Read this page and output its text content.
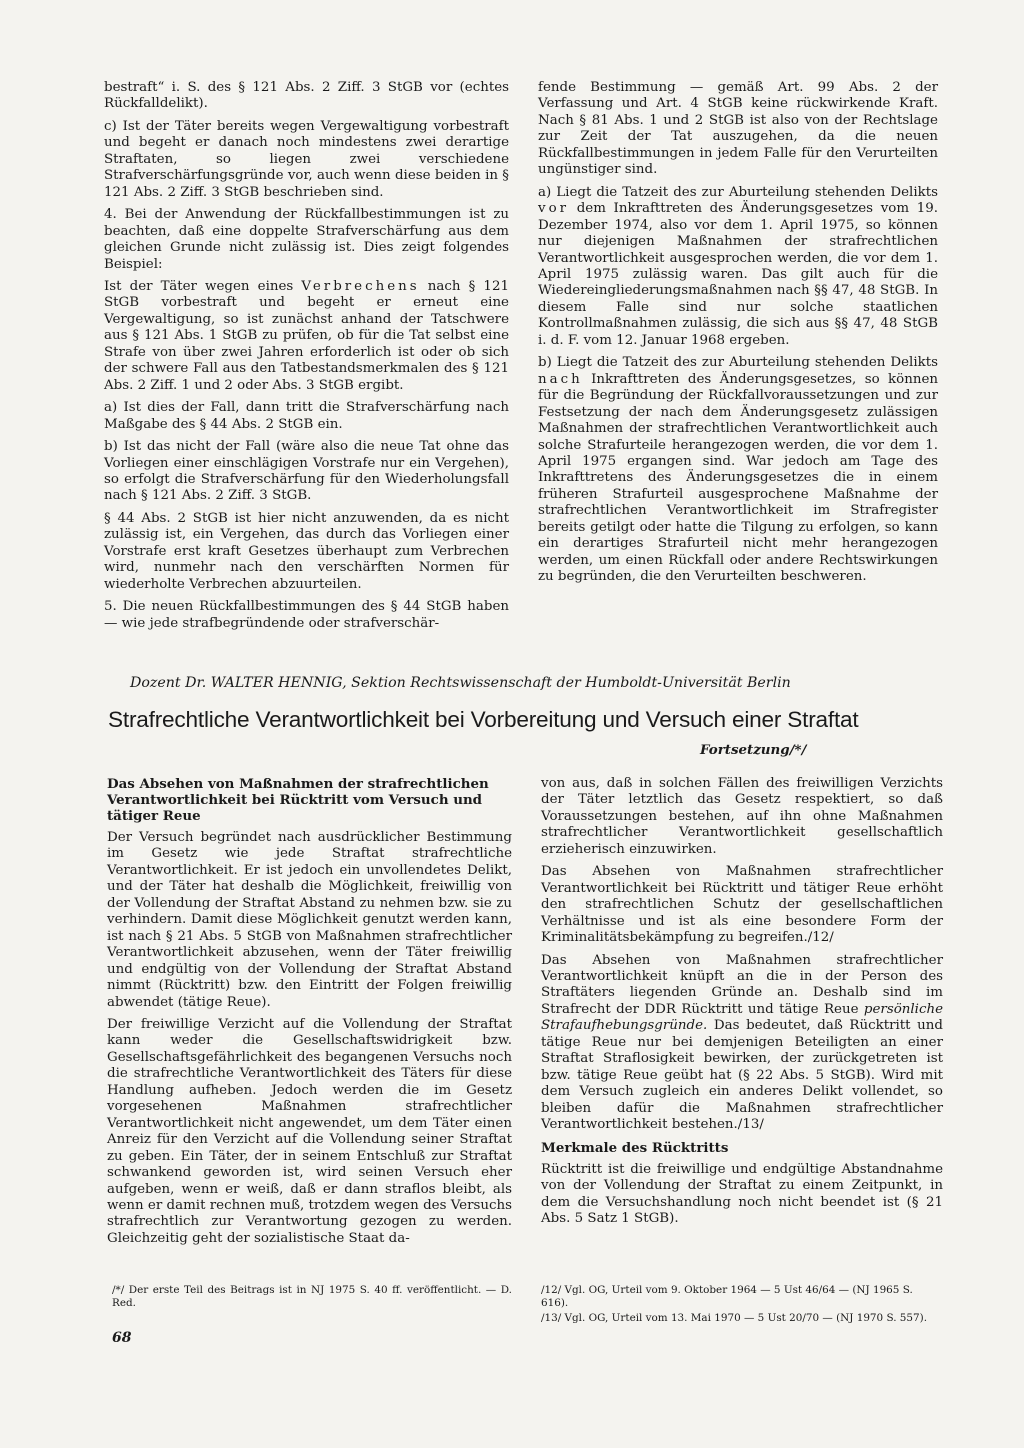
bestraft“ i. S. des § 121 Abs. 2 Ziff. 3 StGB vor (echtes Rückfalldelikt).

c) Ist der Täter bereits wegen Vergewaltigung vorbestraft und begeht er danach noch mindestens zwei derartige Straftaten, so liegen zwei verschiedene Strafverschärfungsgründe vor, auch wenn diese beiden in § 121 Abs. 2 Ziff. 3 StGB beschrieben sind.

4. Bei der Anwendung der Rückfallbestimmungen ist zu beachten, daß eine doppelte Strafverschärfung aus dem gleichen Grunde nicht zulässig ist. Dies zeigt folgendes Beispiel:

Ist der Täter wegen eines Verbrechens nach § 121 StGB vorbestraft und begeht er erneut eine Vergewaltigung, so ist zunächst anhand der Tatschwere aus § 121 Abs. 1 StGB zu prüfen, ob für die Tat selbst eine Strafe von über zwei Jahren erforderlich ist oder ob sich der schwere Fall aus den Tatbestandsmerkmalen des § 121 Abs. 2 Ziff. 1 und 2 oder Abs. 3 StGB ergibt.

a) Ist dies der Fall, dann tritt die Strafverschärfung nach Maßgabe des § 44 Abs. 2 StGB ein.

b) Ist das nicht der Fall (wäre also die neue Tat ohne das Vorliegen einer einschlägigen Vorstrafe nur ein Vergehen), so erfolgt die Strafverschärfung für den Wiederholungsfall nach § 121 Abs. 2 Ziff. 3 StGB.

§ 44 Abs. 2 StGB ist hier nicht anzuwenden, da es nicht zulässig ist, ein Vergehen, das durch das Vorliegen einer Vorstrafe erst kraft Gesetzes überhaupt zum Verbrechen wird, nunmehr nach den verschärften Normen für wiederholte Verbrechen abzuurteilen.

5. Die neuen Rückfallbestimmungen des § 44 StGB haben — wie jede strafbegründende oder strafverschär-

fende Bestimmung — gemäß Art. 99 Abs. 2 der Verfassung und Art. 4 StGB keine rückwirkende Kraft. Nach § 81 Abs. 1 und 2 StGB ist also von der Rechtslage zur Zeit der Tat auszugehen, da die neuen Rückfallbestimmungen in jedem Falle für den Verurteilten ungünstiger sind.

a) Liegt die Tatzeit des zur Aburteilung stehenden Delikts vor dem Inkrafttreten des Änderungsgesetzes vom 19. Dezember 1974, also vor dem 1. April 1975, so können nur diejenigen Maßnahmen der strafrechtlichen Verantwortlichkeit ausgesprochen werden, die vor dem 1. April 1975 zulässig waren. Das gilt auch für die Wiedereingliederungsmaßnahmen nach §§ 47, 48 StGB. In diesem Falle sind nur solche staatlichen Kontrollmaßnahmen zulässig, die sich aus §§ 47, 48 StGB i. d. F. vom 12. Januar 1968 ergeben.

b) Liegt die Tatzeit des zur Aburteilung stehenden Delikts nach Inkrafttreten des Änderungsgesetzes, so können für die Begründung der Rückfallvoraussetzungen und zur Festsetzung der nach dem Änderungsgesetz zulässigen Maßnahmen der strafrechtlichen Verantwortlichkeit auch solche Strafurteile herangezogen werden, die vor dem 1. April 1975 ergangen sind. War jedoch am Tage des Inkrafttretens des Änderungsgesetzes die in einem früheren Strafurteil ausgesprochene Maßnahme der strafrechtlichen Verantwortlichkeit im Strafregister bereits getilgt oder hatte die Tilgung zu erfolgen, so kann ein derartiges Strafurteil nicht mehr herangezogen werden, um einen Rückfall oder andere Rechtswirkungen zu begründen, die den Verurteilten beschweren.

Dozent Dr. WALTER HENNIG, Sektion Rechtswissenschaft der Humboldt-Universität Berlin
Strafrechtliche Verantwortlichkeit bei Vorbereitung und Versuch einer Straftat
Fortsetzung/*/

Das Absehen von Maßnahmen der strafrechtlichen Verantwortlichkeit bei Rücktritt vom Versuch und tätiger Reue

Der Versuch begründet nach ausdrücklicher Bestimmung im Gesetz wie jede Straftat strafrechtliche Verantwortlichkeit. Er ist jedoch ein unvollendetes Delikt, und der Täter hat deshalb die Möglichkeit, freiwillig von der Vollendung der Straftat Abstand zu nehmen bzw. sie zu verhindern. Damit diese Möglichkeit genutzt werden kann, ist nach § 21 Abs. 5 StGB von Maßnahmen strafrechtlicher Verantwortlichkeit abzusehen, wenn der Täter freiwillig und endgültig von der Vollendung der Straftat Abstand nimmt (Rücktritt) bzw. den Eintritt der Folgen freiwillig abwendet (tätige Reue).

Der freiwillige Verzicht auf die Vollendung der Straftat kann weder die Gesellschaftswidrigkeit bzw. Gesellschaftsgefährlichkeit des begangenen Versuchs noch die strafrechtliche Verantwortlichkeit des Täters für diese Handlung aufheben. Jedoch werden die im Gesetz vorgesehenen Maßnahmen strafrechtlicher Verantwortlichkeit nicht angewendet, um dem Täter einen Anreiz für den Verzicht auf die Vollendung seiner Straftat zu geben. Ein Täter, der in seinem Entschluß zur Straftat schwankend geworden ist, wird seinen Versuch eher aufgeben, wenn er weiß, daß er dann straflos bleibt, als wenn er damit rechnen muß, trotzdem wegen des Versuchs strafrechtlich zur Verantwortung gezogen zu werden. Gleichzeitig geht der sozialistische Staat da-

von aus, daß in solchen Fällen des freiwilligen Verzichts der Täter letztlich das Gesetz respektiert, so daß Voraussetzungen bestehen, auf ihn ohne Maßnahmen strafrechtlicher Verantwortlichkeit gesellschaftlich erzieherisch einzuwirken.

Das Absehen von Maßnahmen strafrechtlicher Verantwortlichkeit bei Rücktritt und tätiger Reue erhöht den strafrechtlichen Schutz der gesellschaftlichen Verhältnisse und ist als eine besondere Form der Kriminalitätsbekämpfung zu begreifen./12/

Das Absehen von Maßnahmen strafrechtlicher Verantwortlichkeit knüpft an die in der Person des Straftäters liegenden Gründe an. Deshalb sind im Strafrecht der DDR Rücktritt und tätige Reue persönliche Strafaufhebungsgründe. Das bedeutet, daß Rücktritt und tätige Reue nur bei demjenigen Beteiligten an einer Straftat Straflosigkeit bewirken, der zurückgetreten ist bzw. tätige Reue geübt hat (§ 22 Abs. 5 StGB). Wird mit dem Versuch zugleich ein anderes Delikt vollendet, so bleiben dafür die Maßnahmen strafrechtlicher Verantwortlichkeit bestehen./13/

Merkmale des Rücktritts

Rücktritt ist die freiwillige und endgültige Abstandnahme von der Vollendung der Straftat zu einem Zeitpunkt, in dem die Versuchshandlung noch nicht beendet ist (§ 21 Abs. 5 Satz 1 StGB).

/*/ Der erste Teil des Beitrags ist in NJ 1975 S. 40 ff. veröffentlicht. — D. Red.

/12/ Vgl. OG, Urteil vom 9. Oktober 1964 — 5 Ust 46/64 — (NJ 1965 S. 616).

/13/ Vgl. OG, Urteil vom 13. Mai 1970 — 5 Ust 20/70 — (NJ 1970 S. 557).

68
